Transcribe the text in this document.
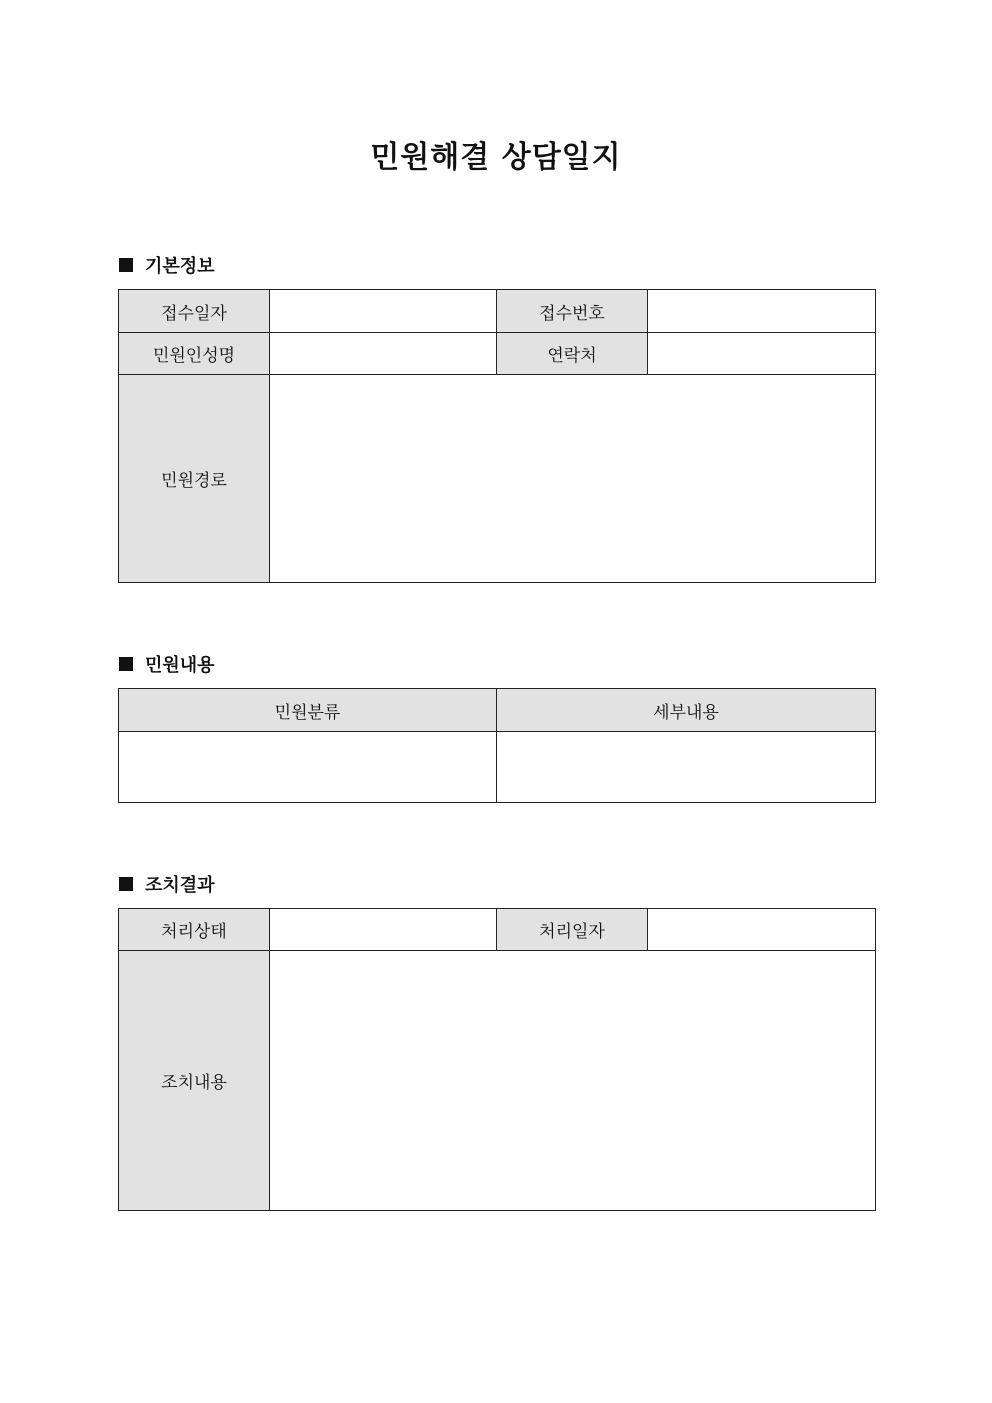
민원해결 상담일지
기본정보
접수일자		접수번호	
민원인성명		연락처	
민원경로			
민원내용
민원분류	세부내용

조치결과
처리상태		처리일자	
조치내용			
